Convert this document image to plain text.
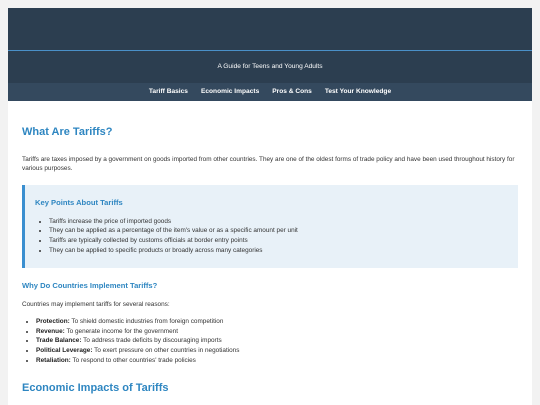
A Guide for Teens and Young Adults
Tariff Basics Economic Impacts Pros & Cons Test Your Knowledge
What Are Tariffs?

Tariffs are taxes imposed by a government on goods imported from other countries. They are one of the oldest forms of trade policy and have been used throughout history for various purposes.

Key Points About Tariffs
• Tariffs increase the price of imported goods
• They can be applied as a percentage of the item's value or as a specific amount per unit
• Tariffs are typically collected by customs officials at border entry points
• They can be applied to specific products or broadly across many categories
Why Do Countries Implement Tariffs?

Countries may implement tariffs for several reasons:

• Protection: To shield domestic industries from foreign competition
• Revenue: To generate income for the government
• Trade Balance: To address trade deficits by discouraging imports
• Political Leverage: To exert pressure on other countries in negotiations
• Retaliation: To respond to other countries' trade policies
Economic Impacts of Tariffs
